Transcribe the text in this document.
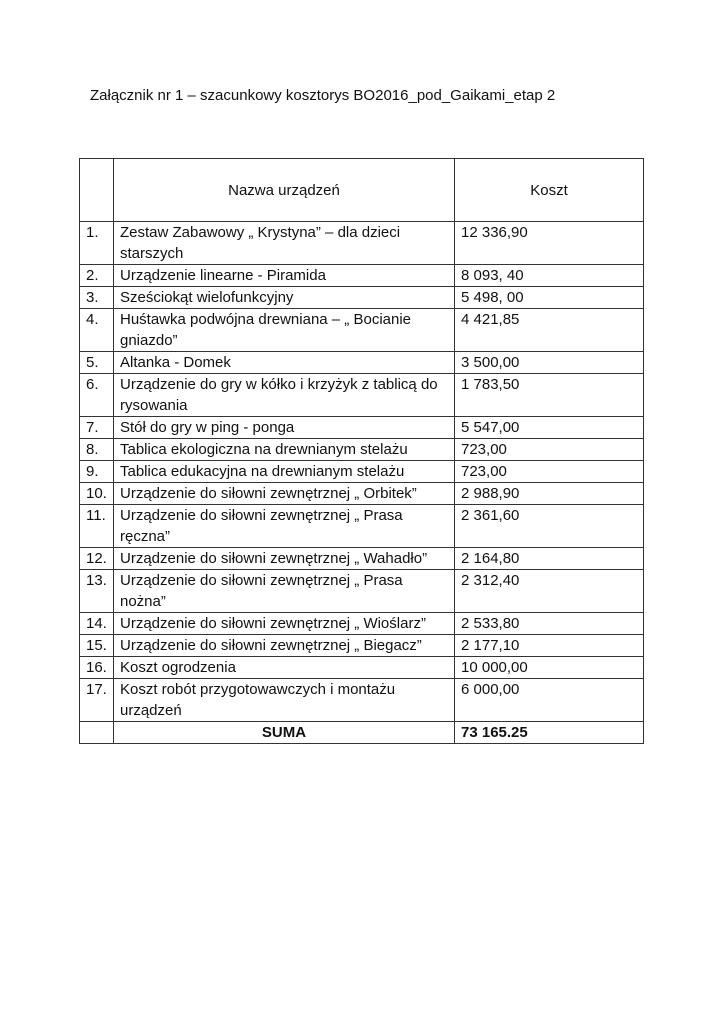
Załącznik nr 1 – szacunkowy kosztorys BO2016_pod_Gaikami_etap 2
	Nazwa urządzeń	Koszt
1.	Zestaw Zabawowy „ Krystyna” – dla dzieci starszych	12 336,90
2.	Urządzenie linearne - Piramida	8 093, 40
3.	Sześciokąt wielofunkcyjny	5 498, 00
4.	Huśtawka podwójna drewniana – „ Bocianie gniazdo”	4 421,85
5.	Altanka - Domek	3 500,00
6.	Urządzenie do gry w kółko i krzyżyk z tablicą do rysowania	1 783,50
7.	Stół do gry w ping - ponga	5 547,00
8.	Tablica ekologiczna na drewnianym stelażu	723,00
9.	Tablica edukacyjna na drewnianym stelażu	723,00
10.	Urządzenie do siłowni zewnętrznej „ Orbitek”	2 988,90
11.	Urządzenie do siłowni zewnętrznej „ Prasa ręczna”	2 361,60
12.	Urządzenie do siłowni zewnętrznej „ Wahadło”	2 164,80
13.	Urządzenie do siłowni zewnętrznej „ Prasa nożna”	2 312,40
14.	Urządzenie do siłowni zewnętrznej „ Wioślarz”	2 533,80
15.	Urządzenie do siłowni zewnętrznej „ Biegacz”	2 177,10
16.	Koszt ogrodzenia	10 000,00
17.	Koszt robót przygotowawczych i montażu urządzeń	6 000,00
	SUMA	73 165.25
